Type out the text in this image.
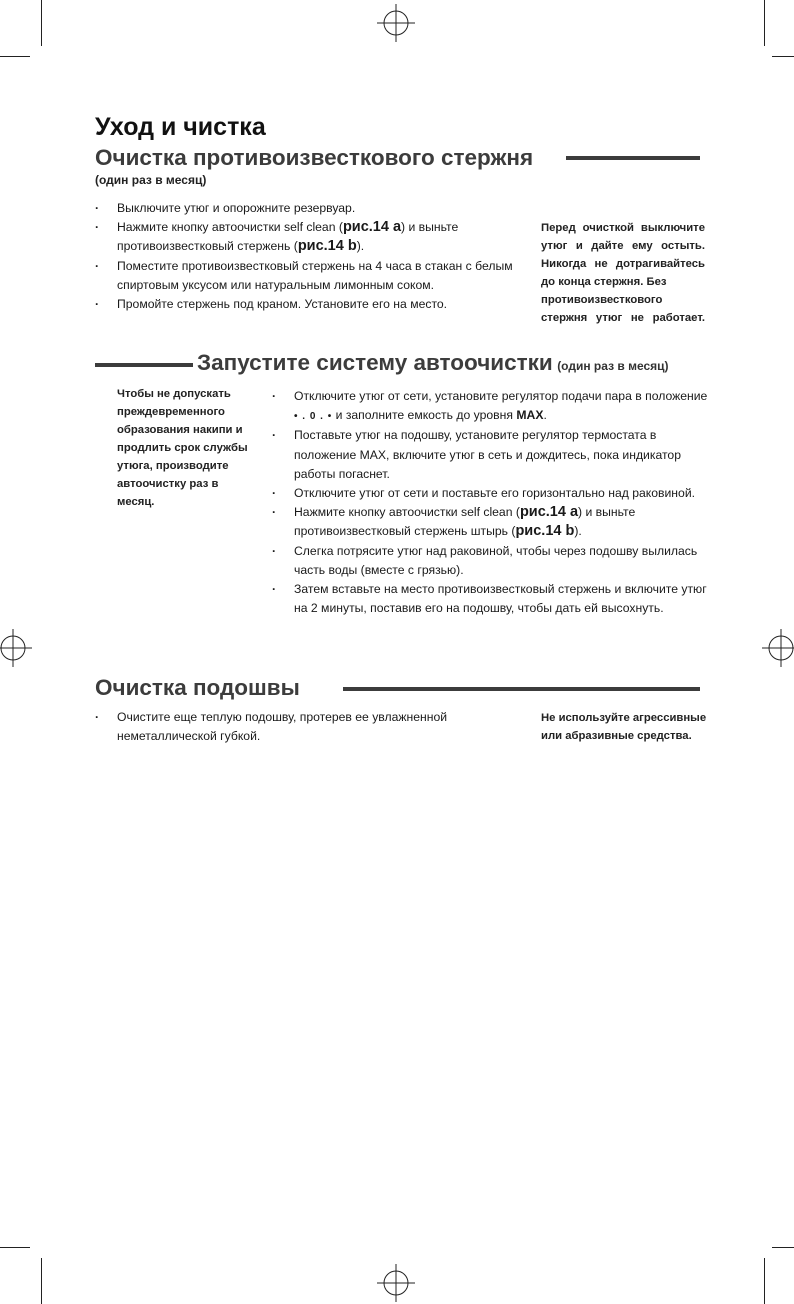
Уход и чистка
Очистка противоизвесткового стержня
(один раз в месяц)
· Выключите утюг и опорожните резервуар.
· Нажмите кнопку автоочистки self clean (рис.14 a) и выньте противоизвестковый стержень (рис.14 b).
· Поместите противоизвестковый стержень на 4 часа в стакан с белым спиртовым уксусом или натуральным лимонным соком.
· Промойте стержень под краном. Установите его на место.
Перед очисткой выключите
утюг и дайте ему остыть.
Никогда не дотрагивайтесь
до конца стержня. Без
противоизвесткового
стержня утюг не работает.
Запустите систему автоочистки (один раз в месяц)
Чтобы не допускать преждевременного образования накипи и продлить срок службы утюга, производите автоочистку раз в месяц.
· Отключите утюг от сети, установите регулятор подачи пара в положение • . 0 . • и заполните емкость до уровня MAX.
· Поставьте утюг на подошву, установите регулятор термостата в положение MAX, включите утюг в сеть и дождитесь, пока индикатор работы погаснет.
· Отключите утюг от сети и поставьте его горизонтально над раковиной.
· Нажмите кнопку автоочистки self clean (рис.14 a) и выньте противоизвестковый стержень штырь (рис.14 b).
· Слегка потрясите утюг над раковиной, чтобы через подошву вылилась часть воды (вместе с грязью).
· Затем вставьте на место противоизвестковый стержень и включите утюг на 2 минуты, поставив его на подошву, чтобы дать ей высохнуть.
Очистка подошвы
· Очистите еще теплую подошву, протерев ее увлажненной неметаллической губкой.
Не используйте агрессивные или абразивные средства.
